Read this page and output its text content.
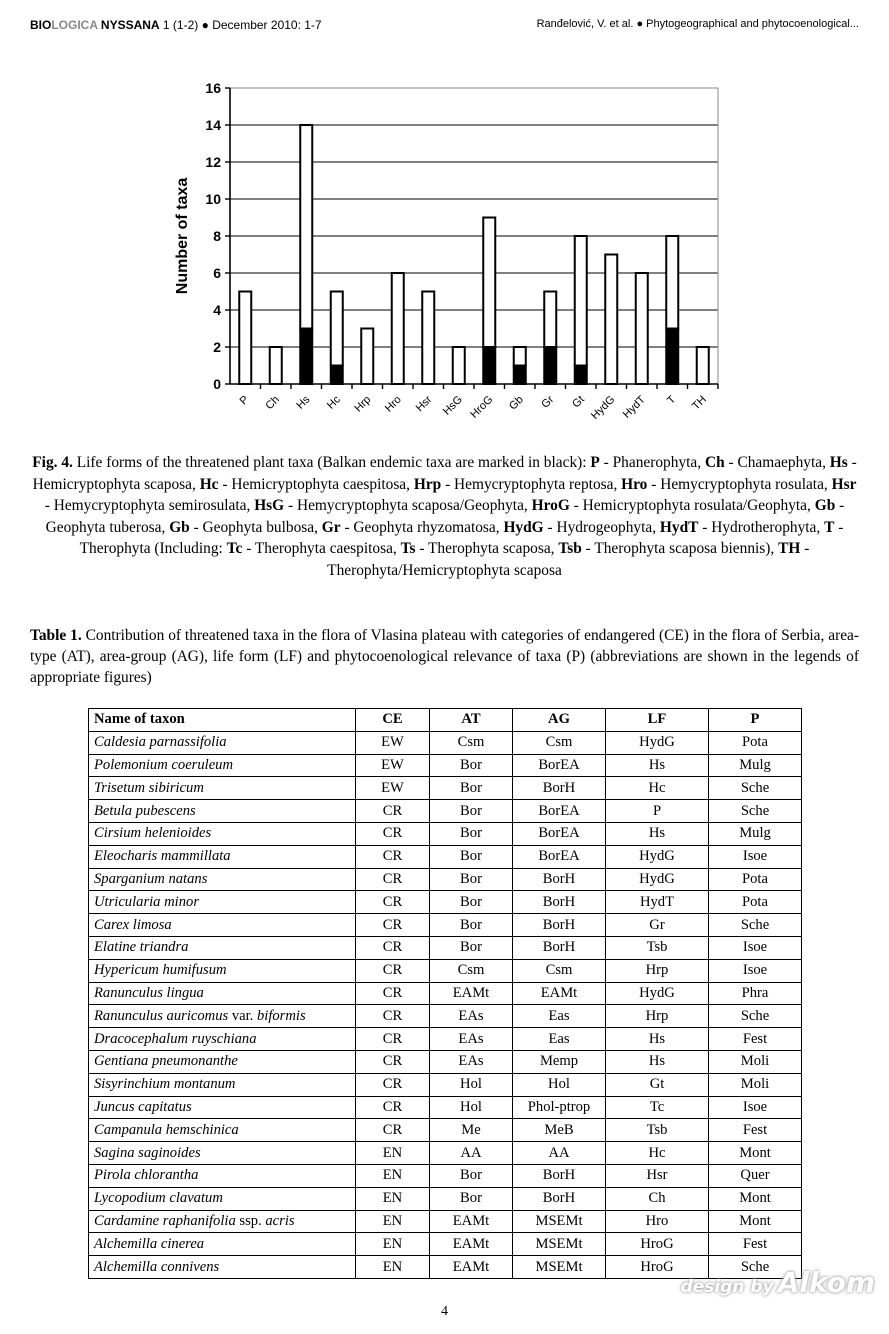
BIOLOGICA NYSSANA 1 (1-2) ● December 2010: 1-7	Ranđelović, V. et al. ● Phytogeographical and phytocoenological...
0
2
4
6
8
10
12
14
16
P Ch Hs Hc Hrp Hro Hsr HsG HroG Gb Gr Gt HydG HydT T TH
Number of taxa
Fig. 4. Life forms of the threatened plant taxa (Balkan endemic taxa are marked in black): P - Phanerophyta, Ch - Chamaephyta, Hs - Hemicryptophyta scaposa, Hc - Hemicryptophyta caespitosa, Hrp - Hemycryptophyta reptosa, Hro - Hemycryptophyta rosulata, Hsr - Hemycryptophyta semirosulata, HsG - Hemycryptophyta scaposa/Geophyta, HroG - Hemicryptophyta rosulata/Geophyta, Gb - Geophyta tuberosa, Gb - Geophyta bulbosa, Gr - Geophyta rhyzomatosa, HydG - Hydrogeophyta, HydT - Hydrotherophyta, T - Therophyta (Including: Tc - Therophyta caespitosa, Ts - Therophyta scaposa, Tsb - Therophyta scaposa biennis), TH - Therophyta/Hemicryptophyta scaposa
Table 1. Contribution of threatened taxa in the flora of Vlasina plateau with categories of endangered (CE) in the flora of Serbia, area-type (AT), area-group (AG), life form (LF) and phytocoenological relevance of taxa (P) (abbreviations are shown in the legends of appropriate figures)
Name of taxon	CE	AT	AG	LF	P
Caldesia parnassifolia	EW	Csm	Csm	HydG	Pota
Polemonium coeruleum	EW	Bor	BorEA	Hs	Mulg
Trisetum sibiricum	EW	Bor	BorH	Hc	Sche
Betula pubescens	CR	Bor	BorEA	P	Sche
Cirsium helenioides	CR	Bor	BorEA	Hs	Mulg
Eleocharis mammillata	CR	Bor	BorEA	HydG	Isoe
Sparganium natans	CR	Bor	BorH	HydG	Pota
Utricularia minor	CR	Bor	BorH	HydT	Pota
Carex limosa	CR	Bor	BorH	Gr	Sche
Elatine triandra	CR	Bor	BorH	Tsb	Isoe
Hypericum humifusum	CR	Csm	Csm	Hrp	Isoe
Ranunculus lingua	CR	EAMt	EAMt	HydG	Phra
Ranunculus auricomus var. biformis	CR	EAs	Eas	Hrp	Sche
Dracocephalum ruyschiana	CR	EAs	Eas	Hs	Fest
Gentiana pneumonanthe	CR	EAs	Memp	Hs	Moli
Sisyrinchium montanum	CR	Hol	Hol	Gt	Moli
Juncus capitatus	CR	Hol	Phol-ptrop	Tc	Isoe
Campanula hemschinica	CR	Me	MeB	Tsb	Fest
Sagina saginoides	EN	AA	AA	Hc	Mont
Pirola chlorantha	EN	Bor	BorH	Hsr	Quer
Lycopodium clavatum	EN	Bor	BorH	Ch	Mont
Cardamine raphanifolia ssp. acris	EN	EAMt	MSEMt	Hro	Mont
Alchemilla cinerea	EN	EAMt	MSEMt	HroG	Fest
Alchemilla connivens	EN	EAMt	MSEMt	HroG	Sche
4
design by Alkom
